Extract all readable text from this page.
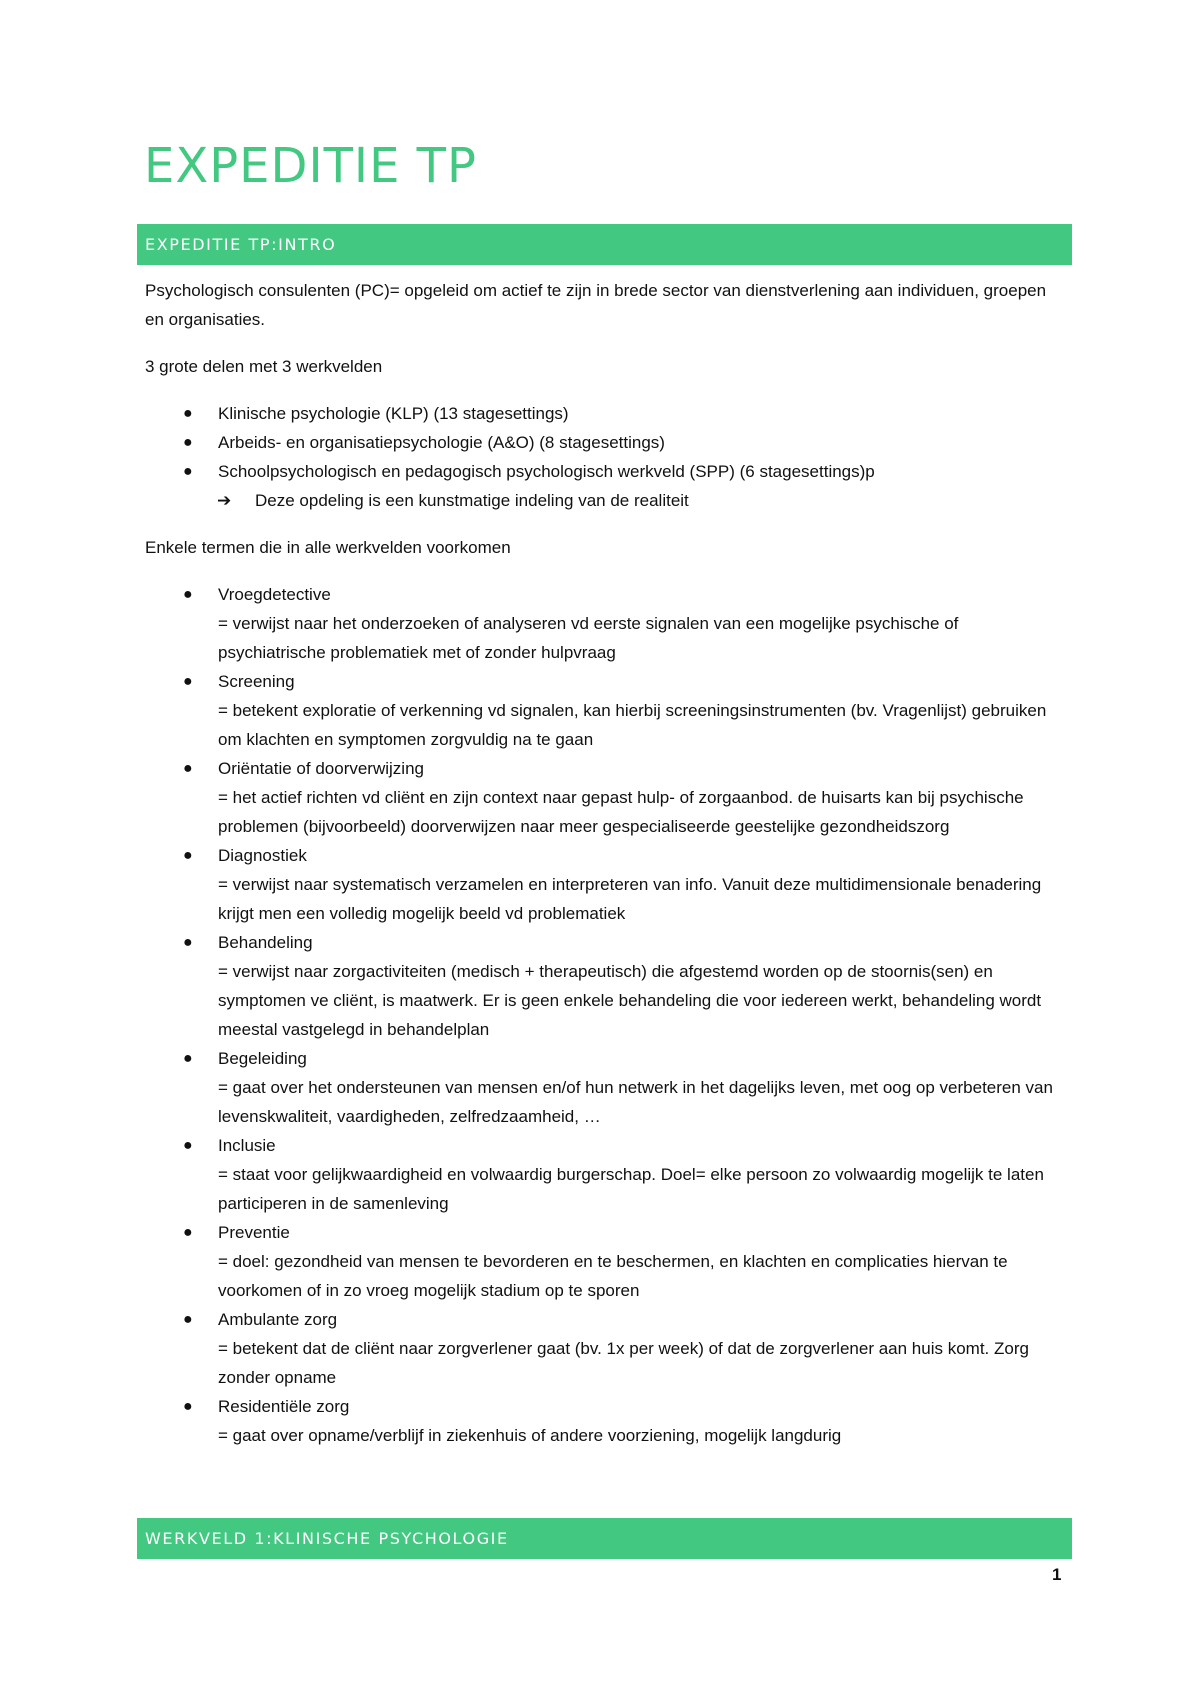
EXPEDITIE TP
EXPEDITIE TP:INTRO

Psychologisch consulenten (PC)= opgeleid om actief te zijn in brede sector van dienstverlening aan individuen, groepen en organisaties.

3 grote delen met 3 werkvelden

● Klinische psychologie (KLP) (13 stagesettings)
● Arbeids- en organisatiepsychologie (A&O) (8 stagesettings)
● Schoolpsychologisch en pedagogisch psychologisch werkveld (SPP) (6 stagesettings)p
➔ Deze opdeling is een kunstmatige indeling van de realiteit

Enkele termen die in alle werkvelden voorkomen

● Vroegdetective
= verwijst naar het onderzoeken of analyseren vd eerste signalen van een mogelijke psychische of psychiatrische problematiek met of zonder hulpvraag
● Screening
= betekent exploratie of verkenning vd signalen, kan hierbij screeningsinstrumenten (bv. Vragenlijst) gebruiken om klachten en symptomen zorgvuldig na te gaan
● Oriëntatie of doorverwijzing
= het actief richten vd cliënt en zijn context naar gepast hulp- of zorgaanbod. de huisarts kan bij psychische problemen (bijvoorbeeld) doorverwijzen naar meer gespecialiseerde geestelijke gezondheidszorg
● Diagnostiek
= verwijst naar systematisch verzamelen en interpreteren van info. Vanuit deze multidimensionale benadering krijgt men een volledig mogelijk beeld vd problematiek
● Behandeling
= verwijst naar zorgactiviteiten (medisch + therapeutisch) die afgestemd worden op de stoornis(sen) en symptomen ve cliënt, is maatwerk. Er is geen enkele behandeling die voor iedereen werkt, behandeling wordt meestal vastgelegd in behandelplan
● Begeleiding
= gaat over het ondersteunen van mensen en/of hun netwerk in het dagelijks leven, met oog op verbeteren van levenskwaliteit, vaardigheden, zelfredzaamheid, …
● Inclusie
= staat voor gelijkwaardigheid en volwaardig burgerschap. Doel= elke persoon zo volwaardig mogelijk te laten participeren in de samenleving
● Preventie
= doel: gezondheid van mensen te bevorderen en te beschermen, en klachten en complicaties hiervan te voorkomen of in zo vroeg mogelijk stadium op te sporen
● Ambulante zorg
= betekent dat de cliënt naar zorgverlener gaat (bv. 1x per week) of dat de zorgverlener aan huis komt. Zorg zonder opname
● Residentiële zorg
= gaat over opname/verblijf in ziekenhuis of andere voorziening, mogelijk langdurig
WERKVELD 1:KLINISCHE PSYCHOLOGIE
1
